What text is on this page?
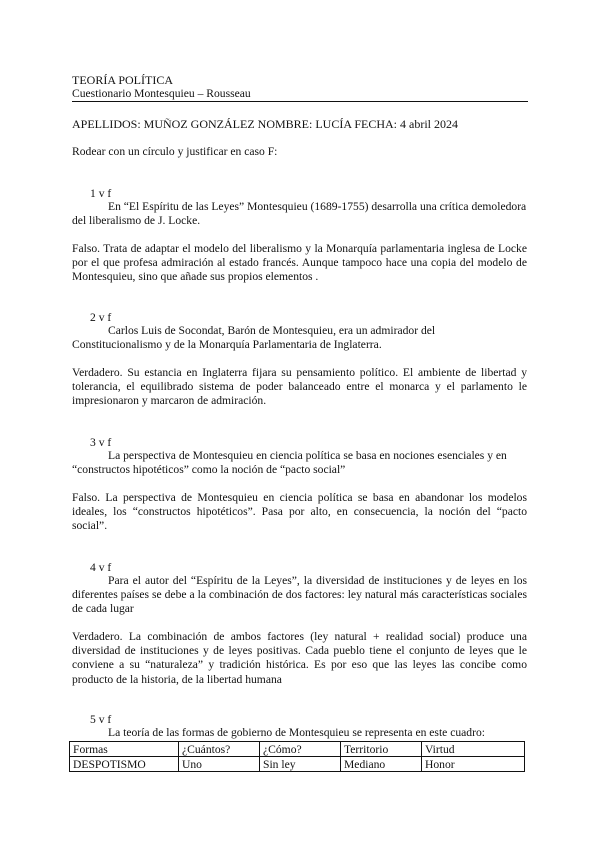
TEORÍA POLÍTICA
Cuestionario Montesquieu – Rousseau
APELLIDOS: MUÑOZ GONZÁLEZ NOMBRE: LUCÍA FECHA: 4 abril 2024
Rodear con un círculo y justificar en caso F:
1 v f
En “El Espíritu de las Leyes” Montesquieu (1689-1755) desarrolla una crítica demoledora del liberalismo de J. Locke.
Falso. Trata de adaptar el modelo del liberalismo y la Monarquía parlamentaria inglesa de Locke por el que profesa admiración al estado francés. Aunque tampoco hace una copia del modelo de Montesquieu, sino que añade sus propios elementos .
2 v f
Carlos Luis de Socondat, Barón de Montesquieu, era un admirador del Constitucionalismo y de la Monarquía Parlamentaria de Inglaterra.
Verdadero. Su estancia en Inglaterra fijara su pensamiento político. El ambiente de libertad y tolerancia, el equilibrado sistema de poder balanceado entre el monarca y el parlamento le impresionaron y marcaron de admiración.
3 v f
La perspectiva de Montesquieu en ciencia política se basa en nociones esenciales y en “constructos hipotéticos” como la noción de “pacto social”
Falso. La perspectiva de Montesquieu en ciencia política se basa en abandonar los modelos ideales, los “constructos hipotéticos”. Pasa por alto, en consecuencia, la noción del “pacto social”.
4 v f
Para el autor del “Espíritu de la Leyes”, la diversidad de instituciones y de leyes en los diferentes países se debe a la combinación de dos factores: ley natural más características sociales de cada lugar
Verdadero. La combinación de ambos factores (ley natural + realidad social) produce una diversidad de instituciones y de leyes positivas. Cada pueblo tiene el conjunto de leyes que le conviene a su “naturaleza” y tradición histórica. Es por eso que las leyes las concibe como producto de la historia, de la libertad humana
5 v f
La teoría de las formas de gobierno de Montesquieu se representa en este cuadro:
Formas	¿Cuántos?	¿Cómo?	Territorio	Virtud
DESPOTISMO	Uno	Sin ley	Mediano	Honor
